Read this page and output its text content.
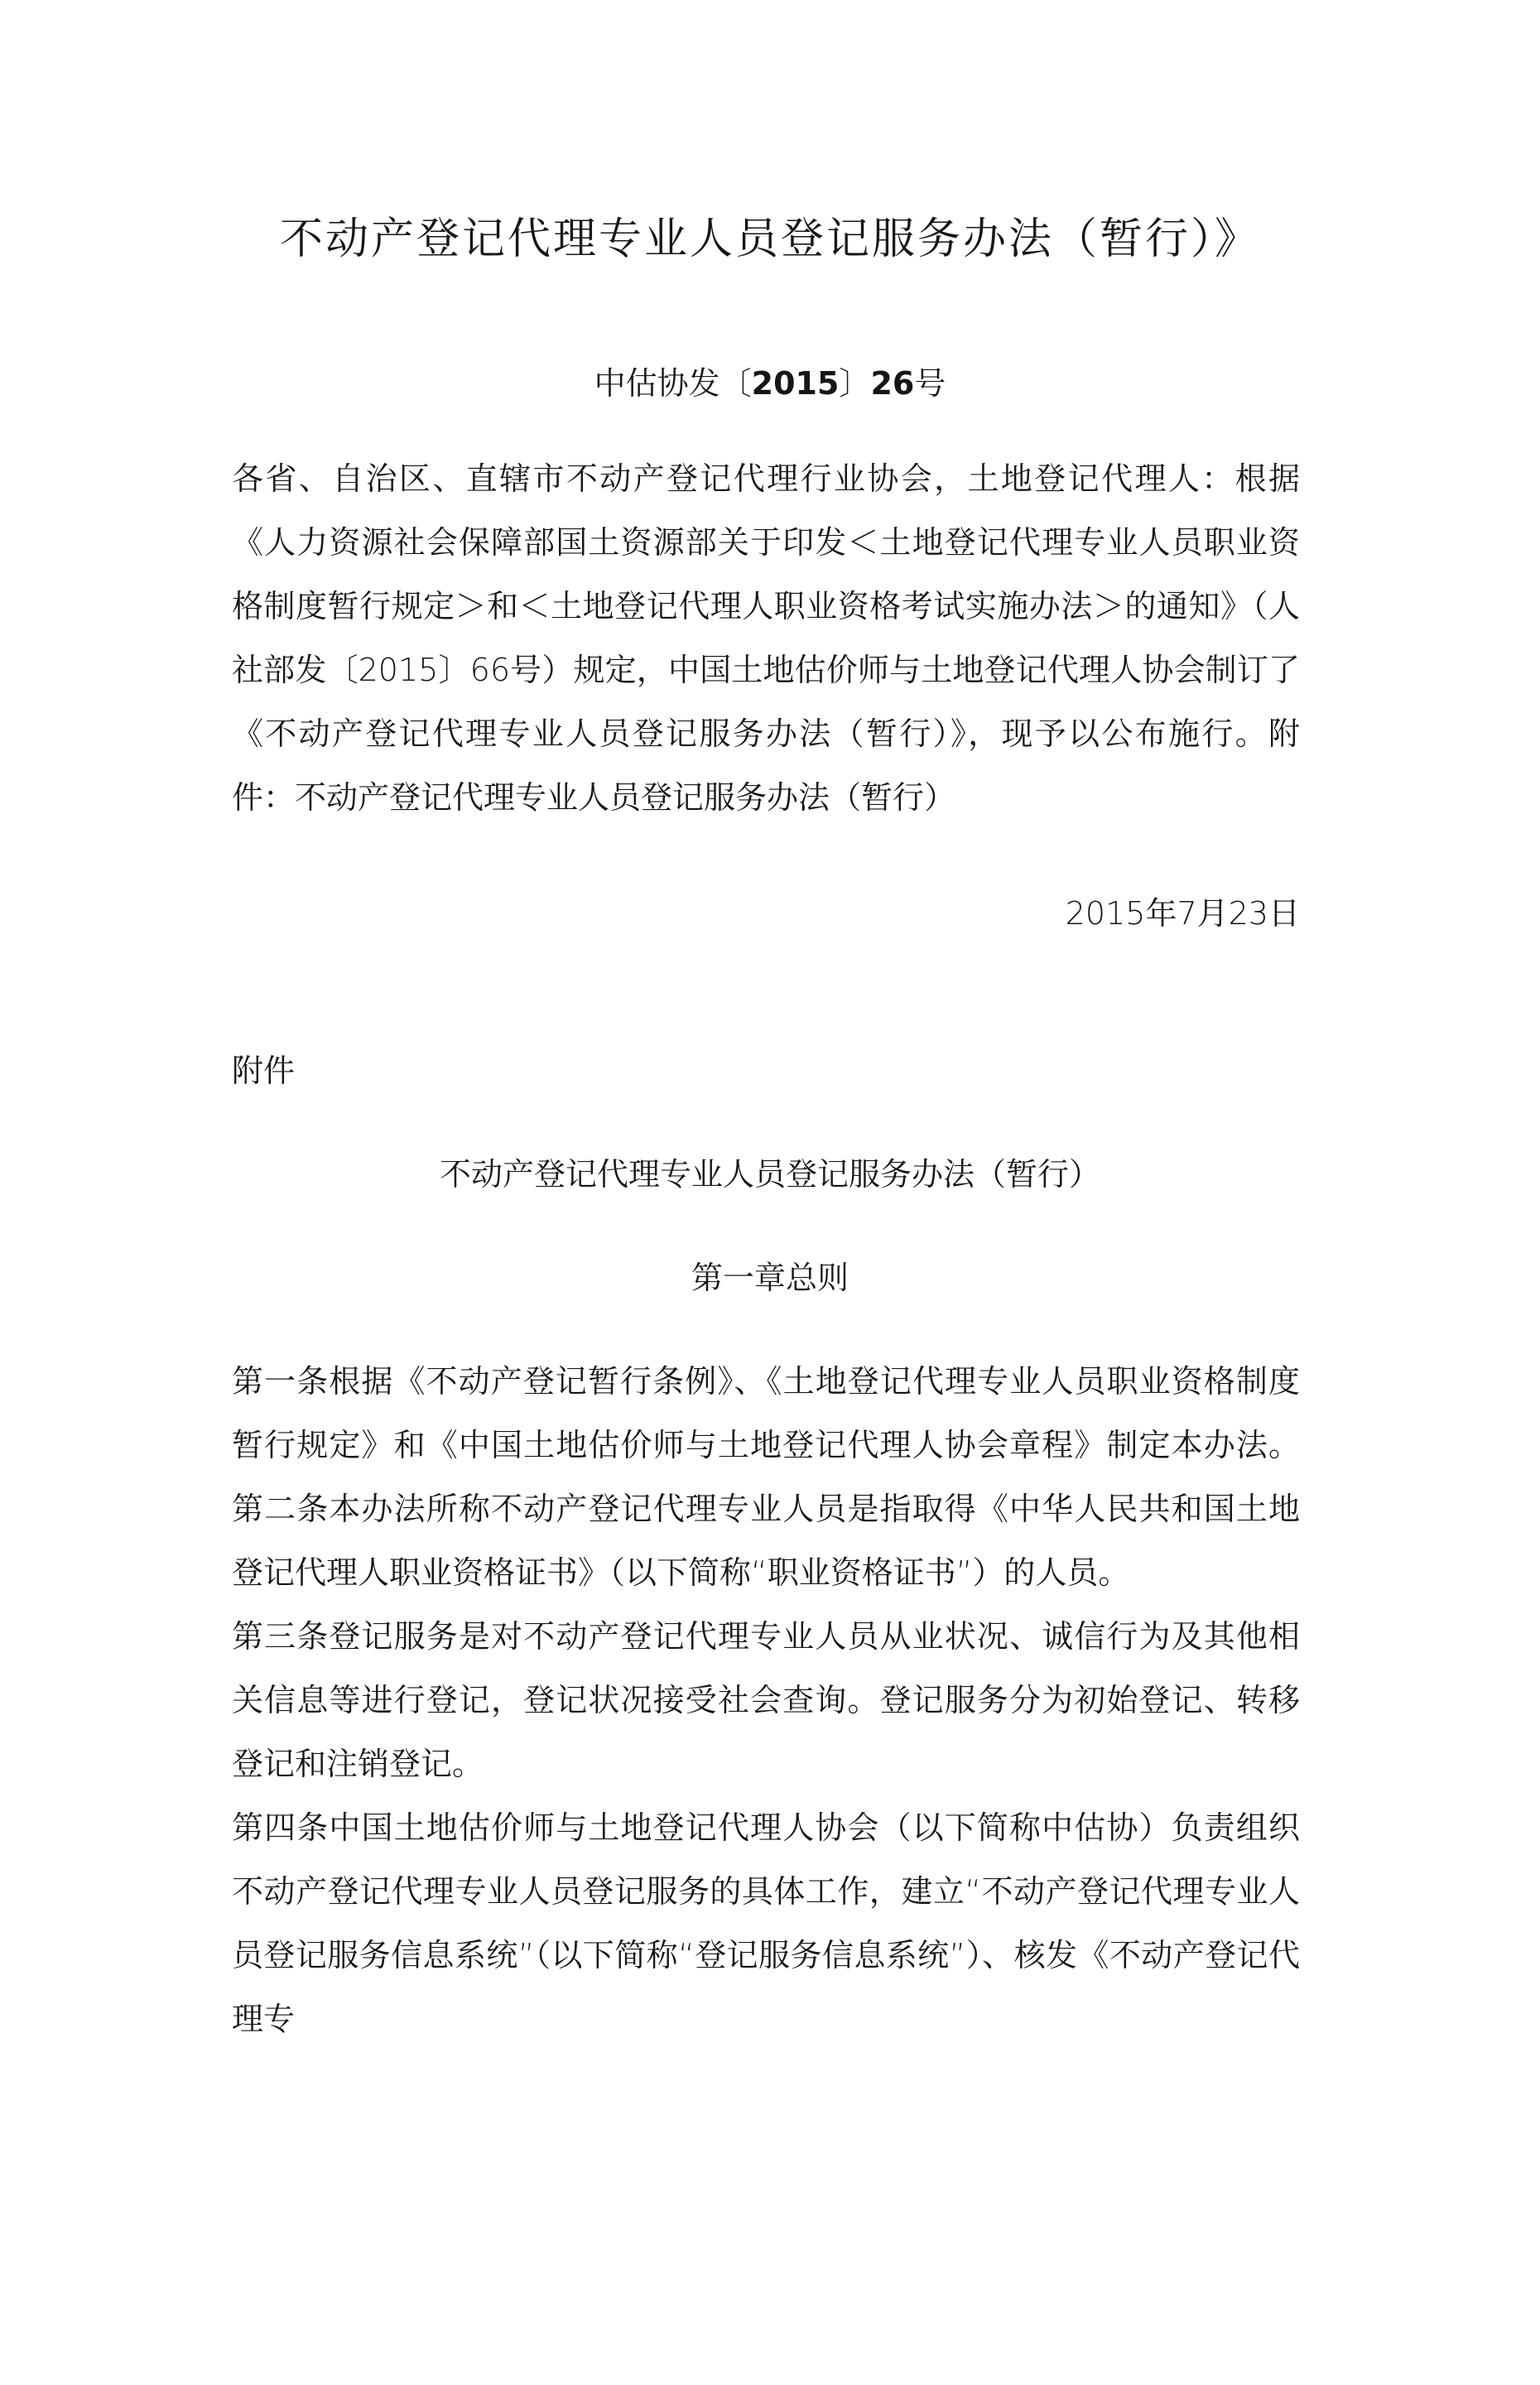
不动产登记代理专业人员登记服务办法（暂行）》
中估协发〔2015〕26号

各省、自治区、直辖市不动产登记代理行业协会，土地登记代理人：根据《人力资源社会保障部国土资源部关于印发＜土地登记代理专业人员职业资格制度暂行规定＞和＜土地登记代理人职业资格考试实施办法＞的通知》（人社部发〔2015〕66号）规定，中国土地估价师与土地登记代理人协会制订了《不动产登记代理专业人员登记服务办法（暂行）》，现予以公布施行。附件：不动产登记代理专业人员登记服务办法（暂行）

2015年7月23日
附件
不动产登记代理专业人员登记服务办法（暂行）
第一章总则

第一条根据《不动产登记暂行条例》、《土地登记代理专业人员职业资格制度暂行规定》和《中国土地估价师与土地登记代理人协会章程》制定本办法。第二条本办法所称不动产登记代理专业人员是指取得《中华人民共和国土地登记代理人职业资格证书》（以下简称“职业资格证书”）的人员。

第三条登记服务是对不动产登记代理专业人员从业状况、诚信行为及其他相关信息等进行登记，登记状况接受社会查询。登记服务分为初始登记、转移登记和注销登记。

第四条中国土地估价师与土地登记代理人协会（以下简称中估协）负责组织不动产登记代理专业人员登记服务的具体工作，建立“不动产登记代理专业人员登记服务信息系统”（以下简称“登记服务信息系统”）、核发《不动产登记代理专
